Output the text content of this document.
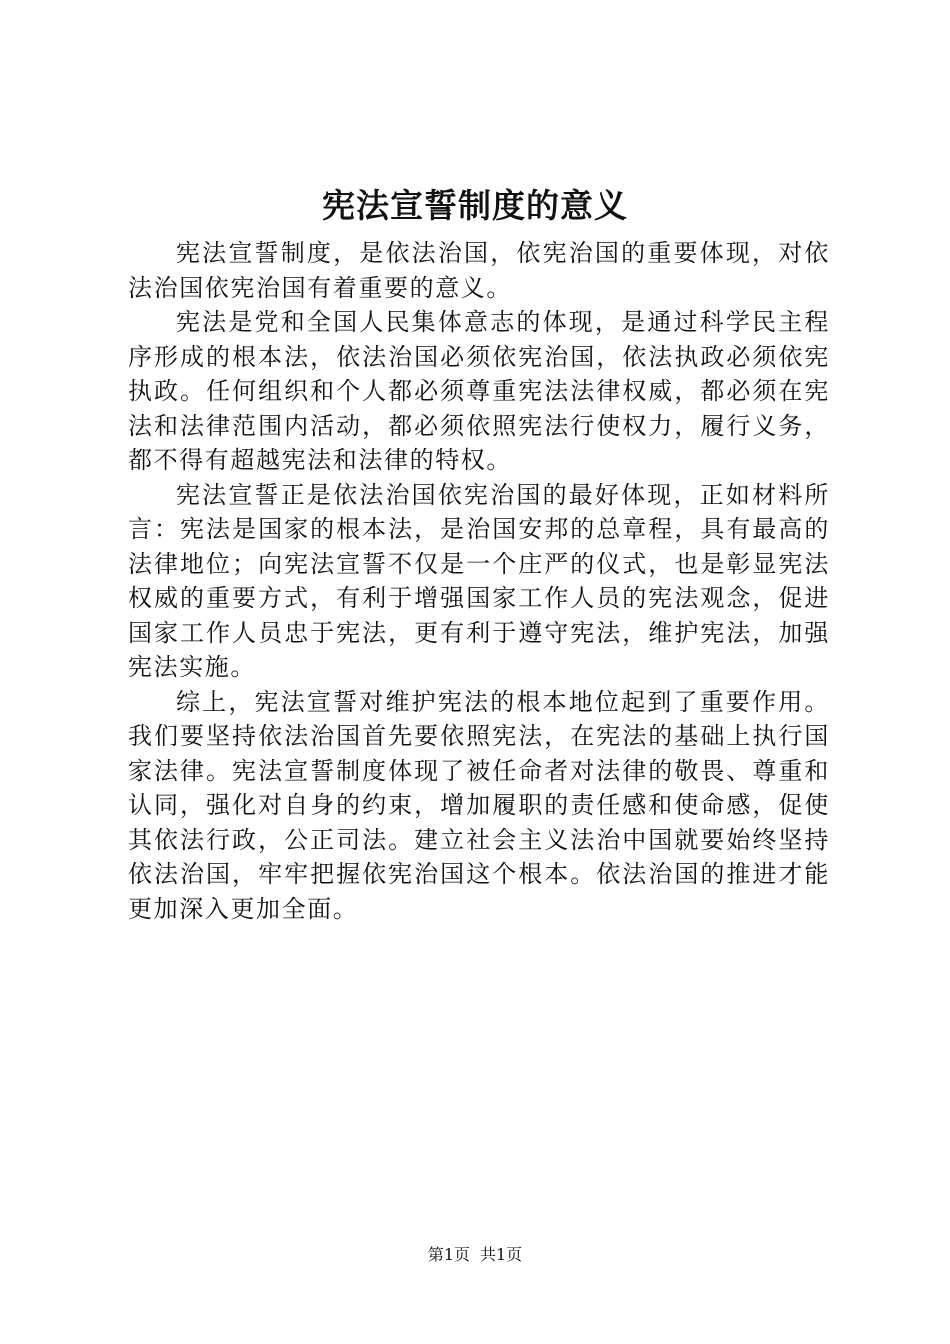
宪法宣誓制度的意义

宪法宣誓制度，是依法治国，依宪治国的重要体现，对依法治国依宪治国有着重要的意义。

宪法是党和全国人民集体意志的体现，是通过科学民主程序形成的根本法，依法治国必须依宪治国，依法执政必须依宪执政。任何组织和个人都必须尊重宪法法律权威，都必须在宪法和法律范围内活动，都必须依照宪法行使权力，履行义务，都不得有超越宪法和法律的特权。

宪法宣誓正是依法治国依宪治国的最好体现，正如材料所言：宪法是国家的根本法，是治国安邦的总章程，具有最高的法律地位；向宪法宣誓不仅是一个庄严的仪式，也是彰显宪法权威的重要方式，有利于增强国家工作人员的宪法观念，促进国家工作人员忠于宪法，更有利于遵守宪法，维护宪法，加强宪法实施。

综上，宪法宣誓对维护宪法的根本地位起到了重要作用。我们要坚持依法治国首先要依照宪法，在宪法的基础上执行国家法律。宪法宣誓制度体现了被任命者对法律的敬畏、尊重和认同，强化对自身的约束，增加履职的责任感和使命感，促使其依法行政，公正司法。建立社会主义法治中国就要始终坚持依法治国，牢牢把握依宪治国这个根本。依法治国的推进才能更加深入更加全面。

第1页 共1页
